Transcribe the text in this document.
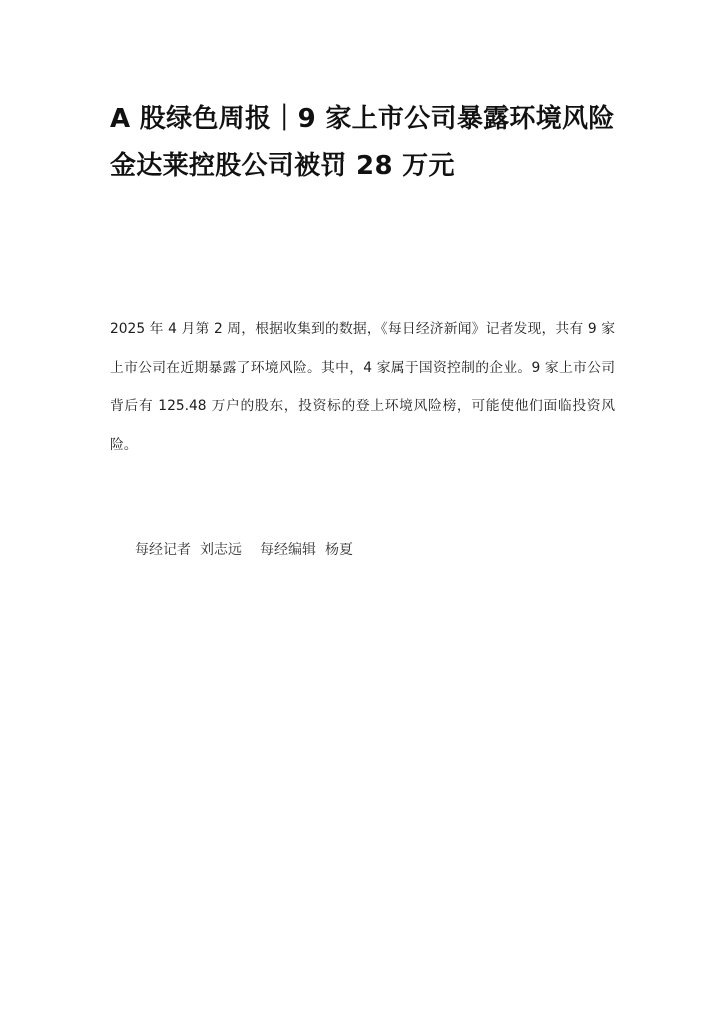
A 股绿色周报｜9 家上市公司暴露环境风险 金达莱控股公司被罚 28 万元

2025 年 4 月第 2 周，根据收集到的数据，《每日经济新闻》记者发现，共有 9 家上市公司在近期暴露了环境风险。其中，4 家属于国资控制的企业。9 家上市公司背后有 125.48 万户的股东，投资标的登上环境风险榜，可能使他们面临投资风险。

每经记者 刘志远 每经编辑 杨夏
